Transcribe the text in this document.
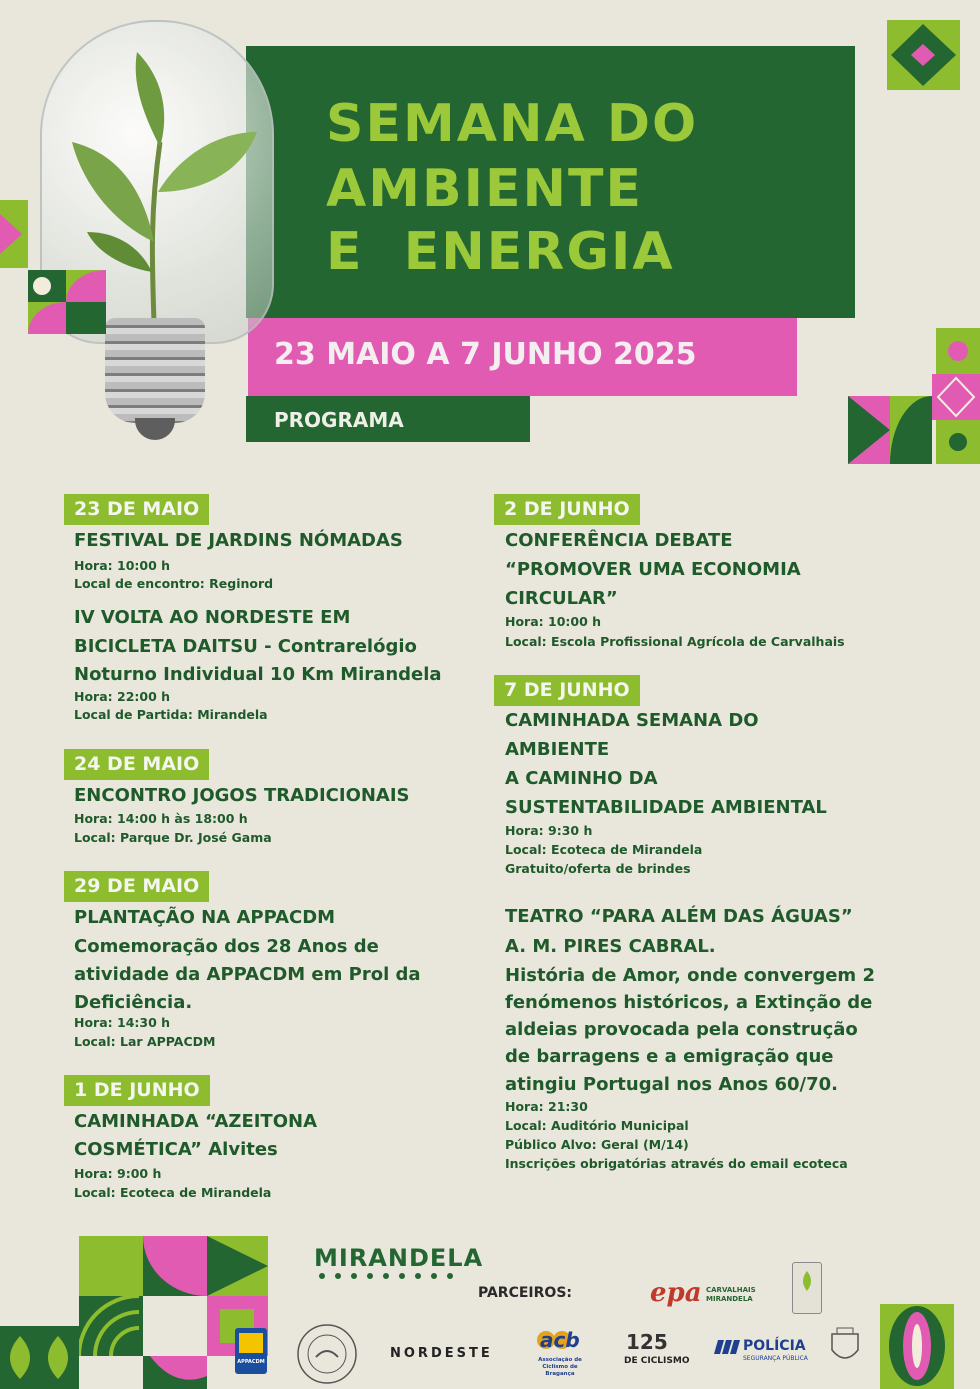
SEMANA DO
AMBIENTE
E  ENERGIA
23 MAIO A 7 JUNHO 2025
PROGRAMA
23 DE MAIO
FESTIVAL DE JARDINS NÓMADAS
Hora: 10:00 h
Local de encontro: Reginord
IV VOLTA AO NORDESTE EM
BICICLETA DAITSU - Contrarelógio
Noturno Individual 10 Km Mirandela
Hora: 22:00 h
Local de Partida: Mirandela
24 DE MAIO
ENCONTRO JOGOS TRADICIONAIS
Hora: 14:00 h às 18:00 h
Local: Parque Dr. José Gama
29 DE MAIO
PLANTAÇÃO NA APPACDM
Comemoração dos 28 Anos de
atividade da APPACDM em Prol da
Deficiência.
Hora: 14:30 h
Local: Lar APPACDM
1 DE JUNHO
CAMINHADA “AZEITONA
COSMÉTICA” Alvites
Hora: 9:00 h
Local: Ecoteca de Mirandela
2 DE JUNHO
CONFERÊNCIA DEBATE
“PROMOVER UMA ECONOMIA
CIRCULAR”
Hora: 10:00 h
Local: Escola Profissional Agrícola de Carvalhais
7 DE JUNHO
CAMINHADA SEMANA DO
AMBIENTE
A CAMINHO DA
SUSTENTABILIDADE AMBIENTAL
Hora: 9:30 h
Local: Ecoteca de Mirandela
Gratuito/oferta de brindes
TEATRO “PARA ALÉM DAS ÁGUAS”
A. M. PIRES CABRAL.
História de Amor, onde convergem 2
fenómenos históricos, a Extinção de
aldeias provocada pela construção
de barragens e a emigração que
atingiu Portugal nos Anos 60/70.
Hora: 21:30
Local: Auditório Municipal
Público Alvo: Geral (M/14)
Inscrições obrigatórias através do email ecoteca
MIRANDELA
PARCEIROS:	epa CARVALHAIS MIRANDELA
APPACDM
NORDESTE
acb
Associação de Ciclismo de Bragança
125
DE CICLISMO
POLÍCIA
SEGURANÇA PÚBLICA
